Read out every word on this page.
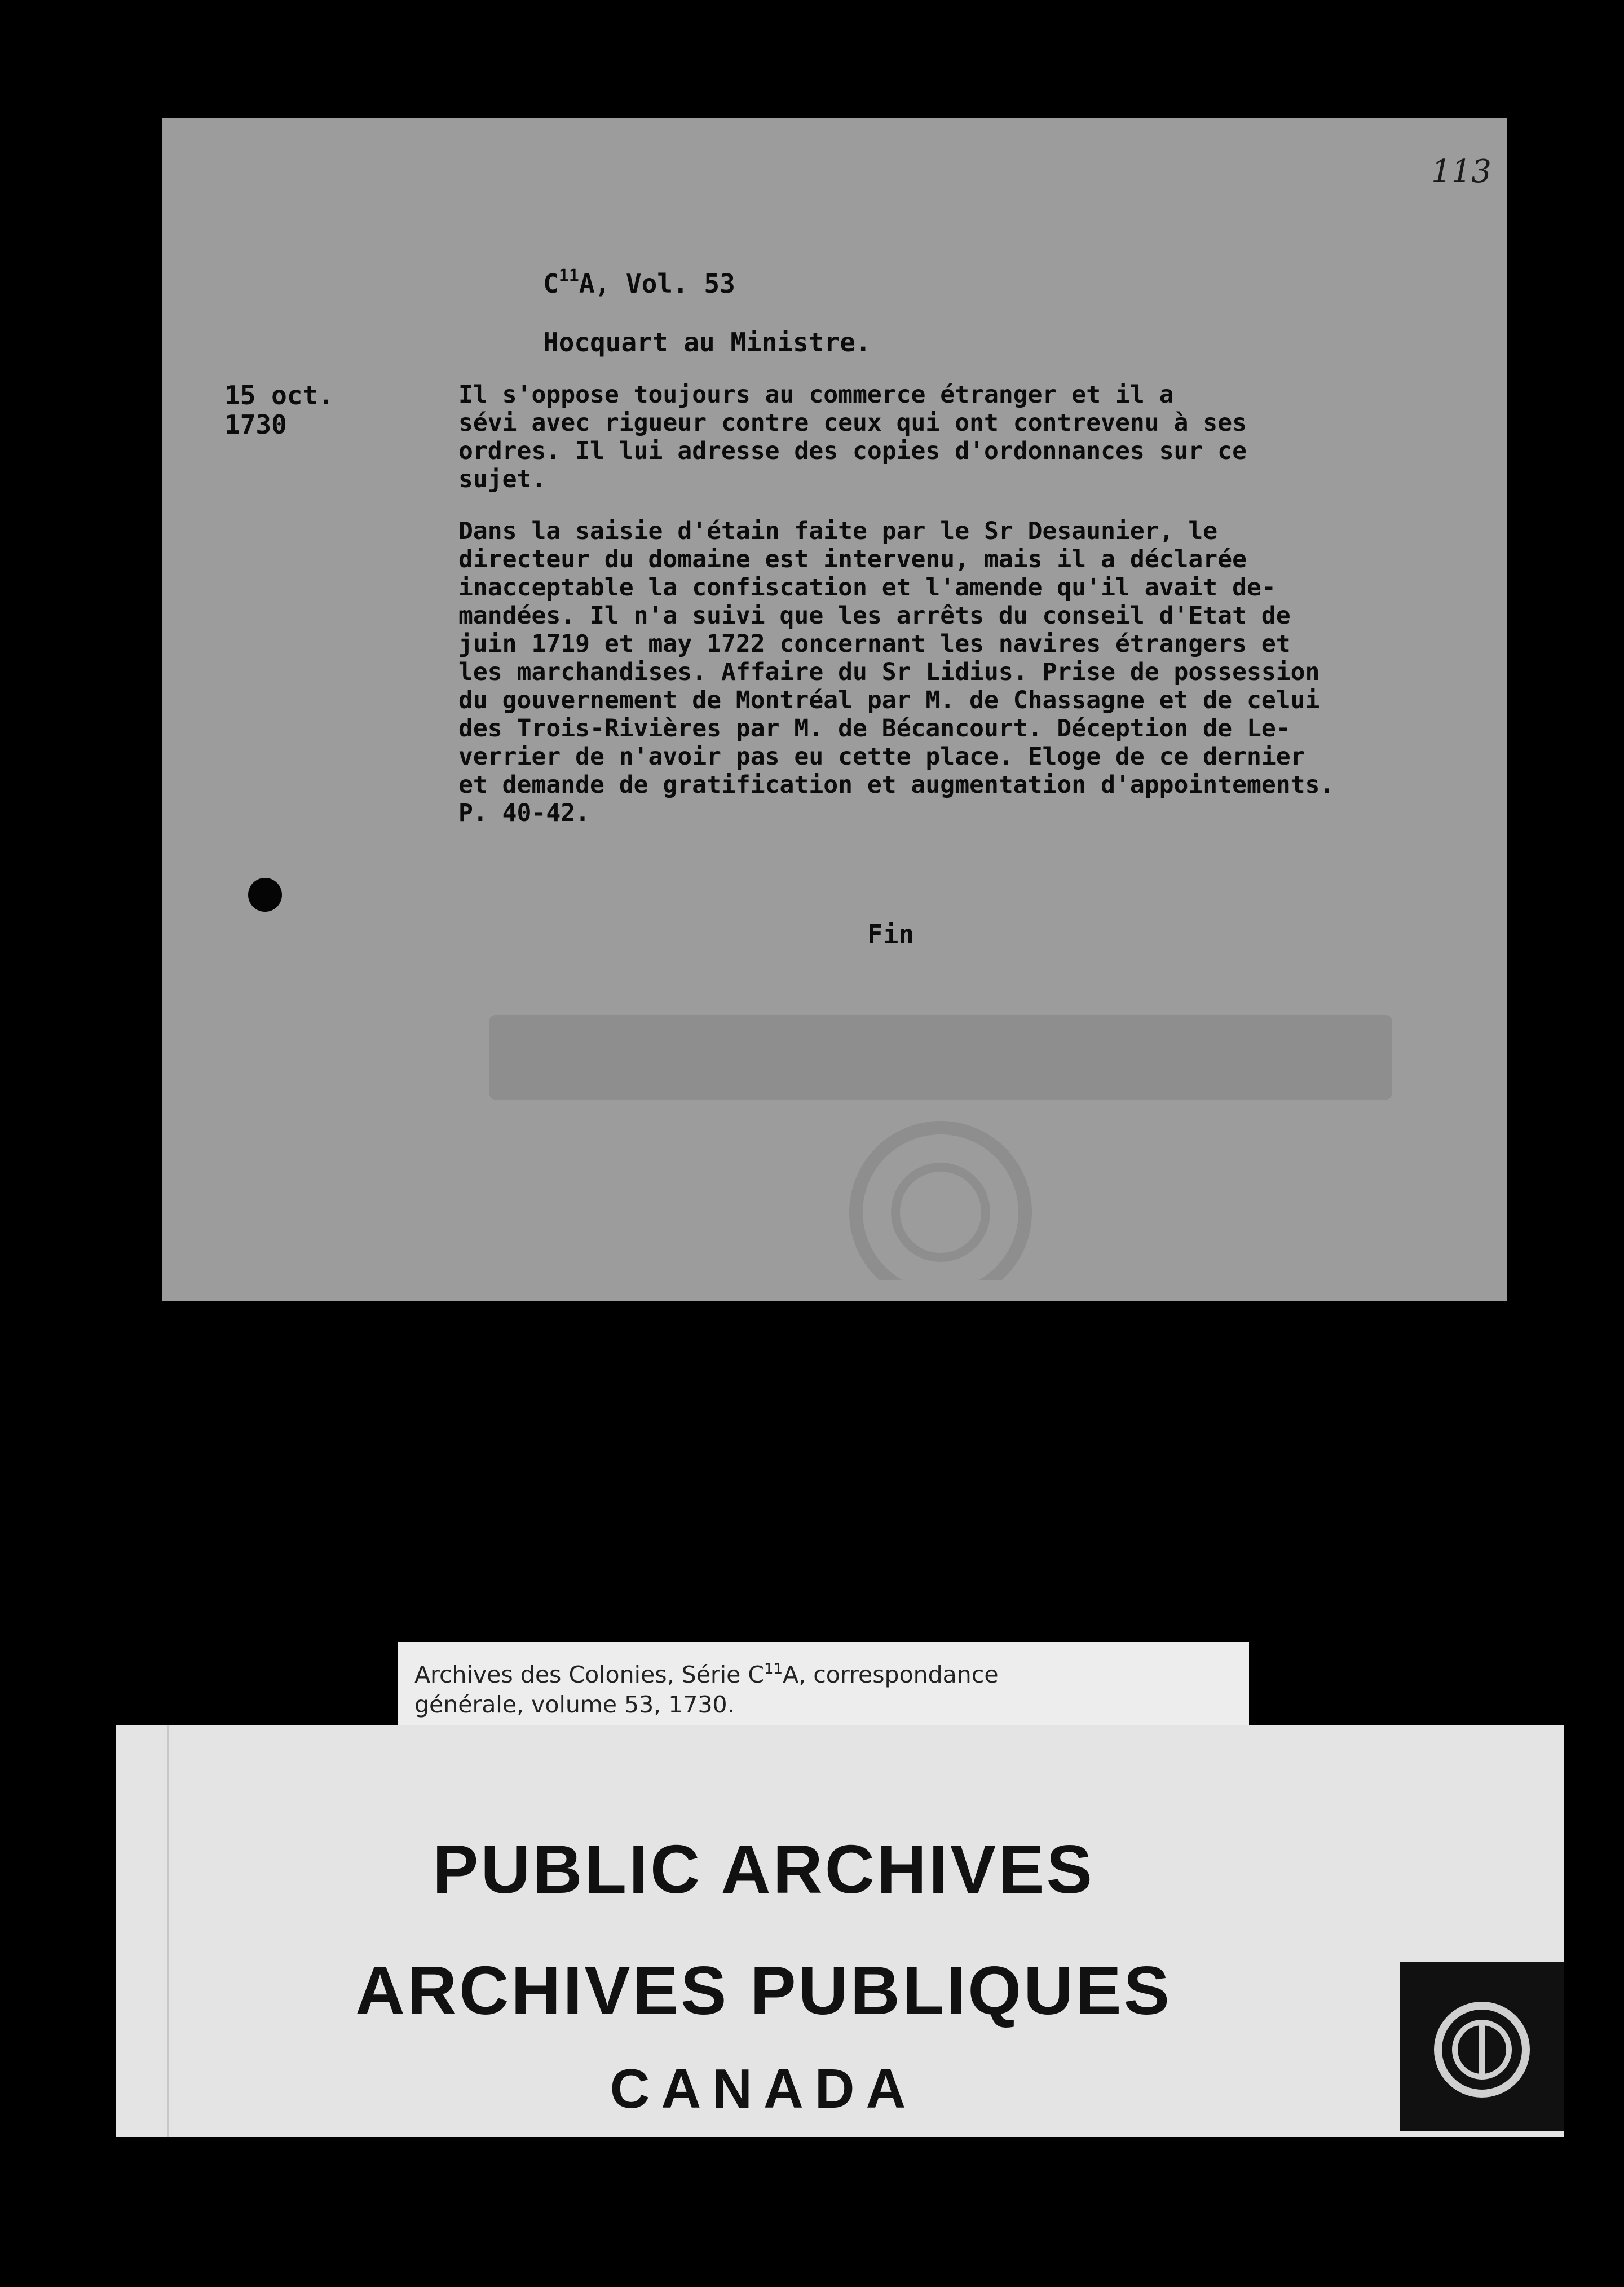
113
$C^{11}A$, Vol. 53
Hocquart au Ministre.
15 oct.
1730
Il s'oppose toujours au commerce étranger et il a
sévi avec rigueur contre ceux qui ont contrevenu à ses
ordres. Il lui adresse des copies d'ordonnances sur ce
sujet.
Dans la saisie d'étain faite par le Sr Desaunier, le
directeur du domaine est intervenu, mais il a déclarée
inacceptable la confiscation et l'amende qu'il avait de-
mandées. Il n'a suivi que les arrêts du conseil d'Etat de
juin 1719 et may 1722 concernant les navires étrangers et
les marchandises. Affaire du Sr Lidius. Prise de possession
du gouvernement de Montréal par M. de Chassagne et de celui
des Trois-Rivières par M. de Bécancourt. Déception de Le-
verrier de n'avoir pas eu cette place. Eloge de ce dernier
et demande de gratification et augmentation d'appointements.
P. 40-42.
Fin
Archives des Colonies, Série $C^{11}A$, correspondance
générale, volume 53, 1730.
PUBLIC ARCHIVES
ARCHIVES PUBLIQUES
CANADA
